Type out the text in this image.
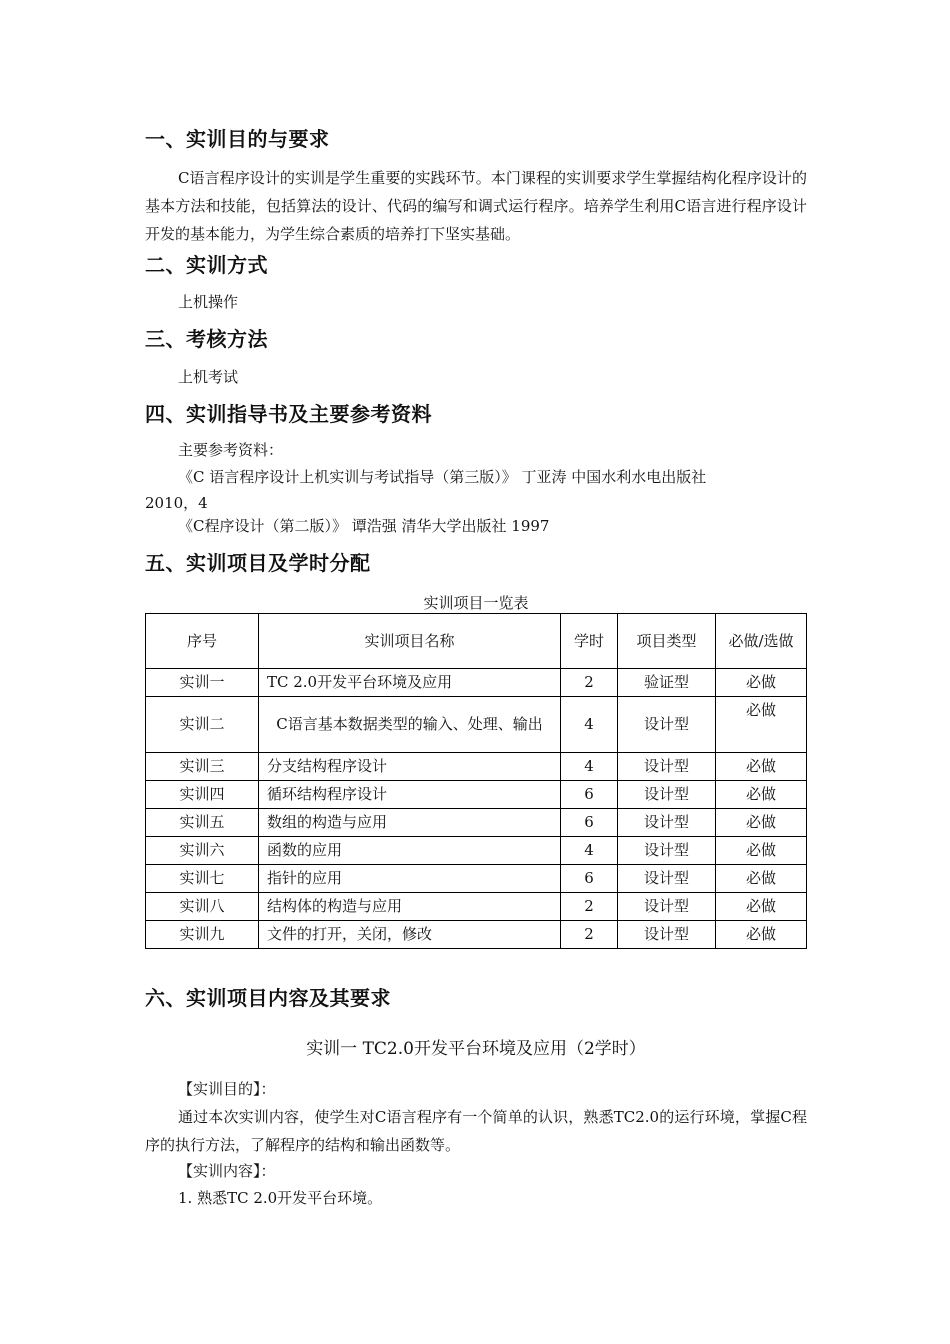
一、实训目的与要求
C语言程序设计的实训是学生重要的实践环节。本门课程的实训要求学生掌握结构化程序设计的基本方法和技能，包括算法的设计、代码的编写和调式运行程序。培养学生利用C语言进行程序设计开发的基本能力，为学生综合素质的培养打下坚实基础。
二、实训方式
上机操作
三、考核方法
上机考试
四、实训指导书及主要参考资料
主要参考资料：
《C 语言程序设计上机实训与考试指导（第三版）》 丁亚涛 中国水利水电出版社
2010，4
《C程序设计（第二版）》 谭浩强 清华大学出版社 1997
五、实训项目及学时分配
实训项目一览表
序号	实训项目名称	学时	项目类型	必做/选做
实训一	TC 2.0开发平台环境及应用	2	验证型	必做
实训二	C语言基本数据类型的输入、处理、输出	4	设计型	必做
实训三	分支结构程序设计	4	设计型	必做
实训四	循环结构程序设计	6	设计型	必做
实训五	数组的构造与应用	6	设计型	必做
实训六	函数的应用	4	设计型	必做
实训七	指针的应用	6	设计型	必做
实训八	结构体的构造与应用	2	设计型	必做
实训九	文件的打开，关闭，修改	2	设计型	必做
六、实训项目内容及其要求
实训一 TC2.0开发平台环境及应用（2学时）
【实训目的】：
通过本次实训内容，使学生对C语言程序有一个简单的认识，熟悉TC2.0的运行环境，掌握C程序的执行方法，了解程序的结构和输出函数等。
【实训内容】：
1. 熟悉TC 2.0开发平台环境。
